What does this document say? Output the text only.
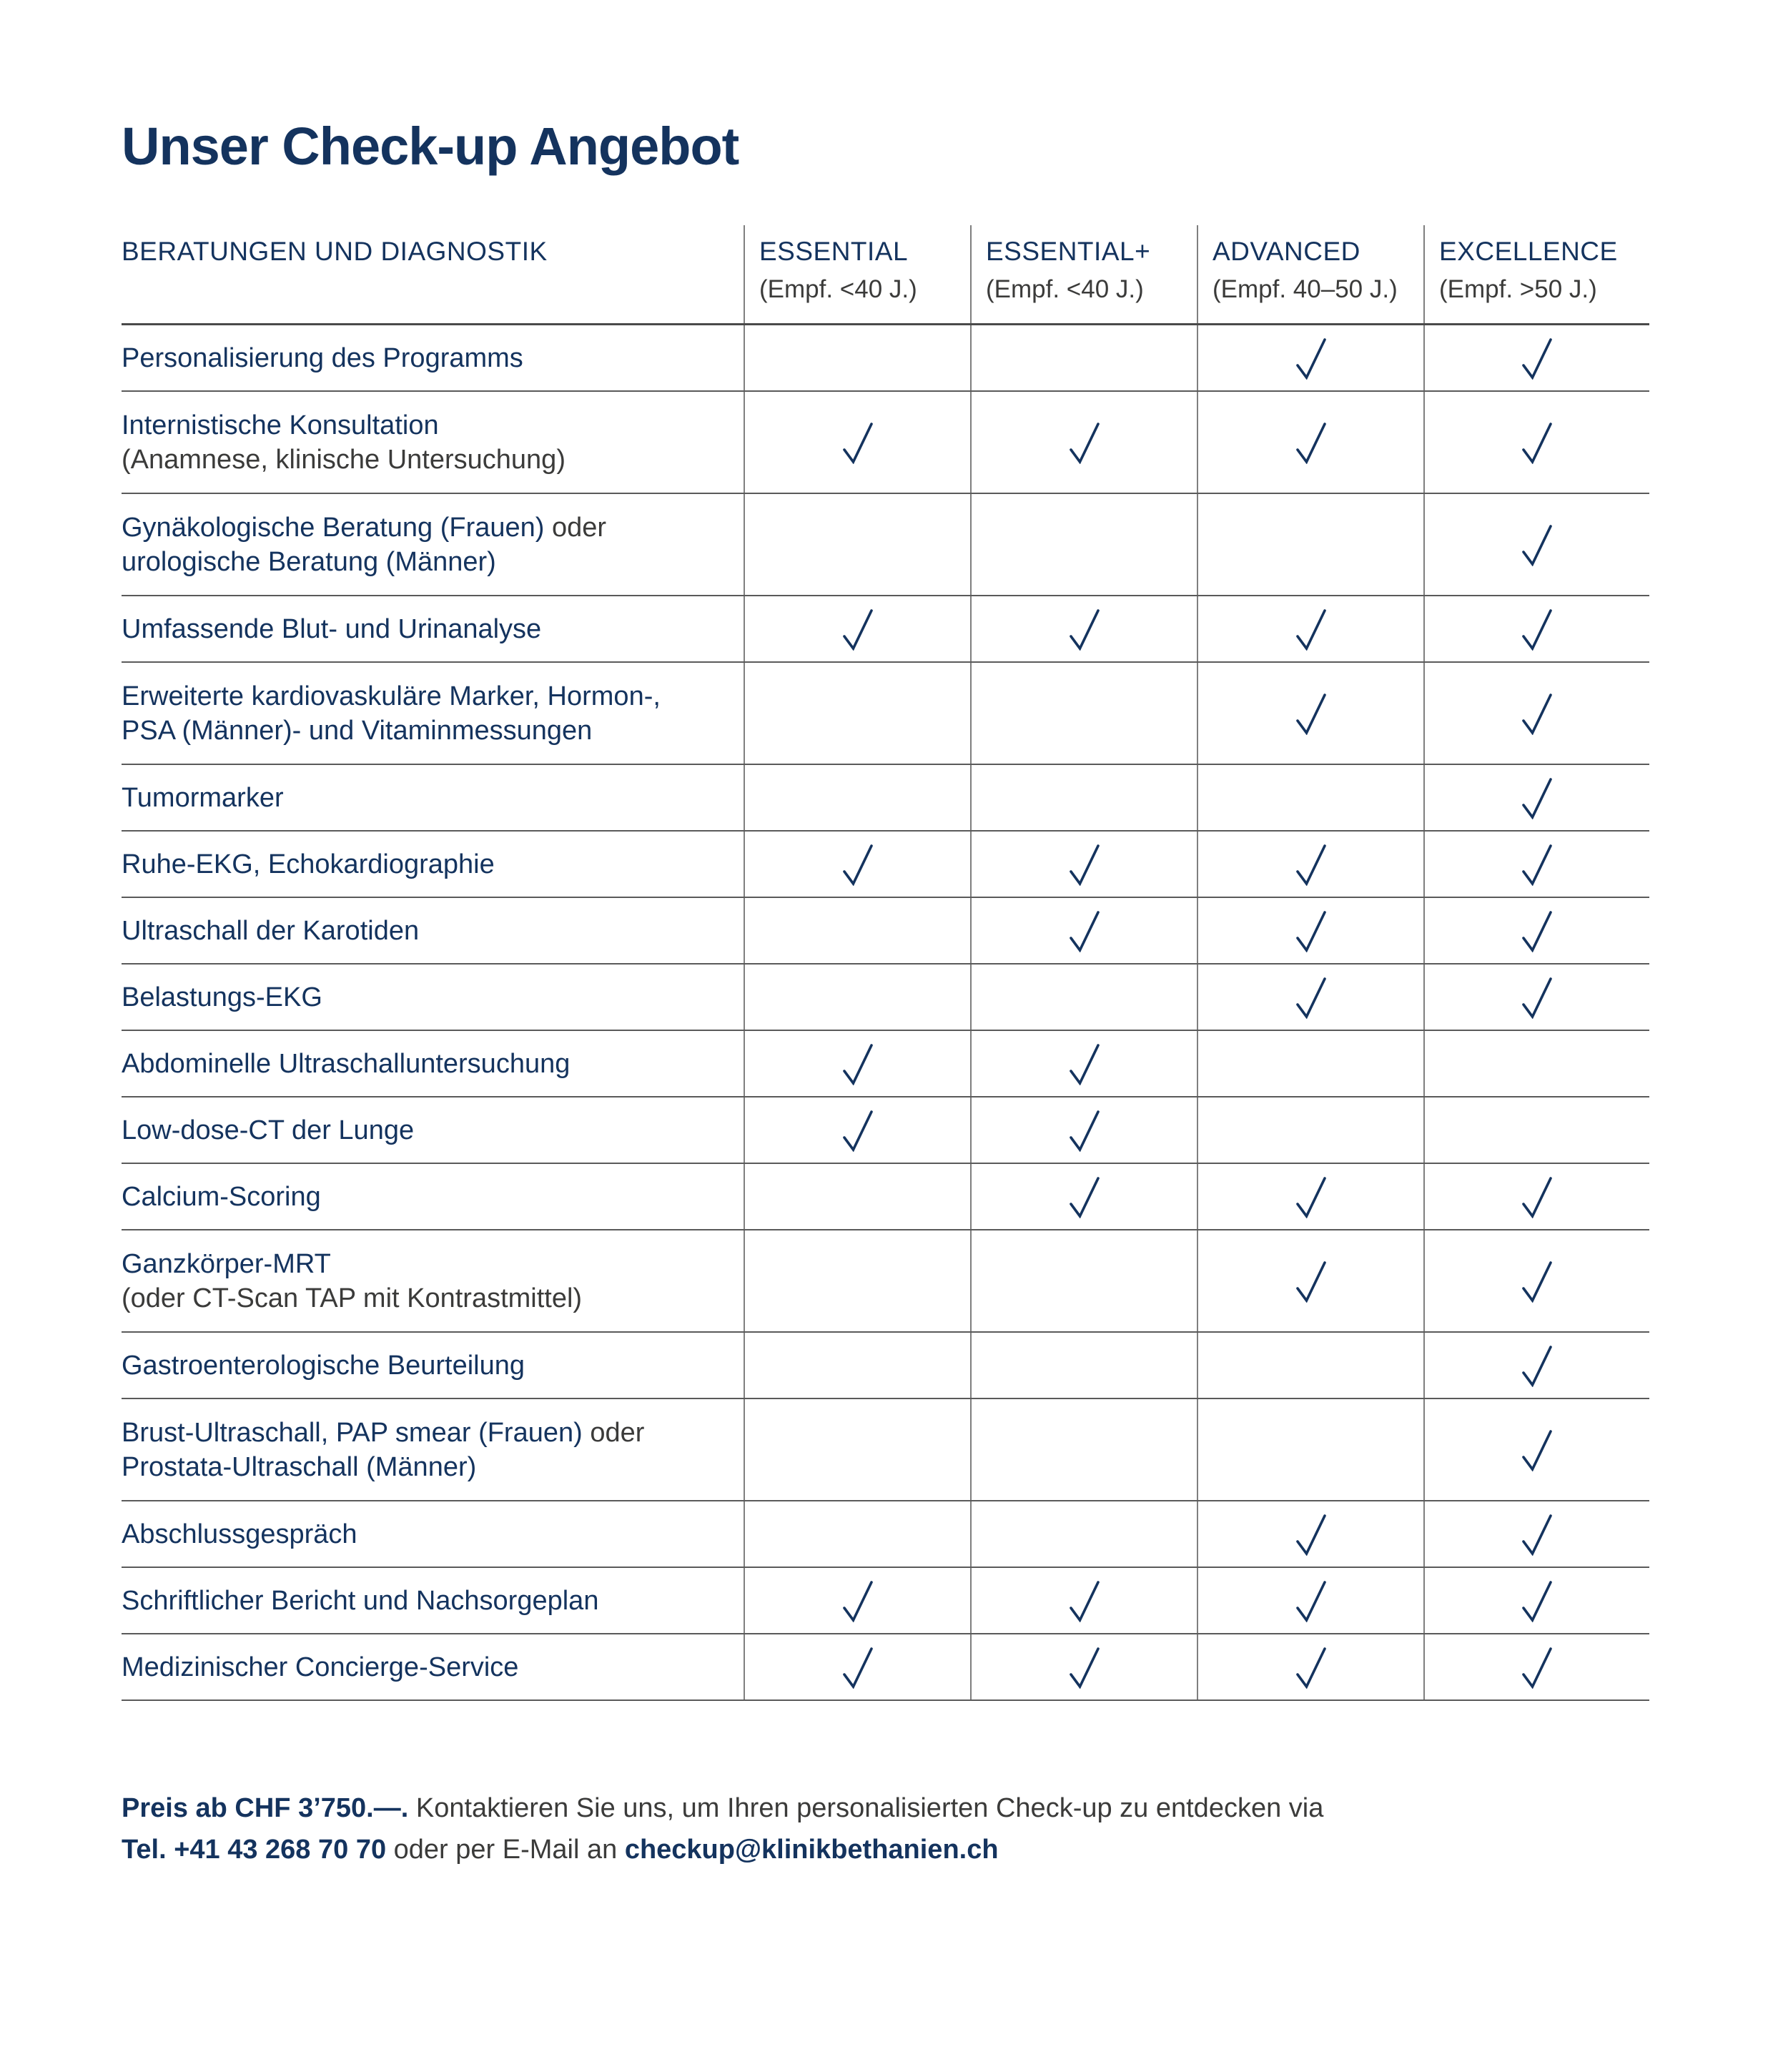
Unser Check-up Angebot
BERATUNGEN UND DIAGNOSTIK	ESSENTIAL
(Empf. <40 J.)
ESSENTIAL+
(Empf. <40 J.)
ADVANCED
(Empf. 40–50 J.)
EXCELLENCE
(Empf. >50 J.)
Personalisierung des Programms
Internistische Konsultation
(Anamnese, klinische Untersuchung)
Gynäkologische Beratung (Frauen) oder
urologische Beratung (Männer)
Umfassende Blut- und Urinanalyse
Erweiterte kardiovaskuläre Marker, Hormon-,
PSA (Männer)- und Vitaminmessungen
Tumormarker
Ruhe-EKG, Echokardiographie
Ultraschall der Karotiden
Belastungs-EKG
Abdominelle Ultraschalluntersuchung
Low-dose-CT der Lunge
Calcium-Scoring
Ganzkörper-MRT
(oder CT-Scan TAP mit Kontrastmittel)
Gastroenterologische Beurteilung
Brust-Ultraschall, PAP smear (Frauen) oder
Prostata-Ultraschall (Männer)
Abschlussgespräch
Schriftlicher Bericht und Nachsorgeplan
Medizinischer Concierge-Service

Preis ab CHF 3’750.—. Kontaktieren Sie uns, um Ihren personalisierten Check-up zu entdecken via

Tel. +41 43 268 70 70 oder per E-Mail an checkup@klinikbethanien.ch
